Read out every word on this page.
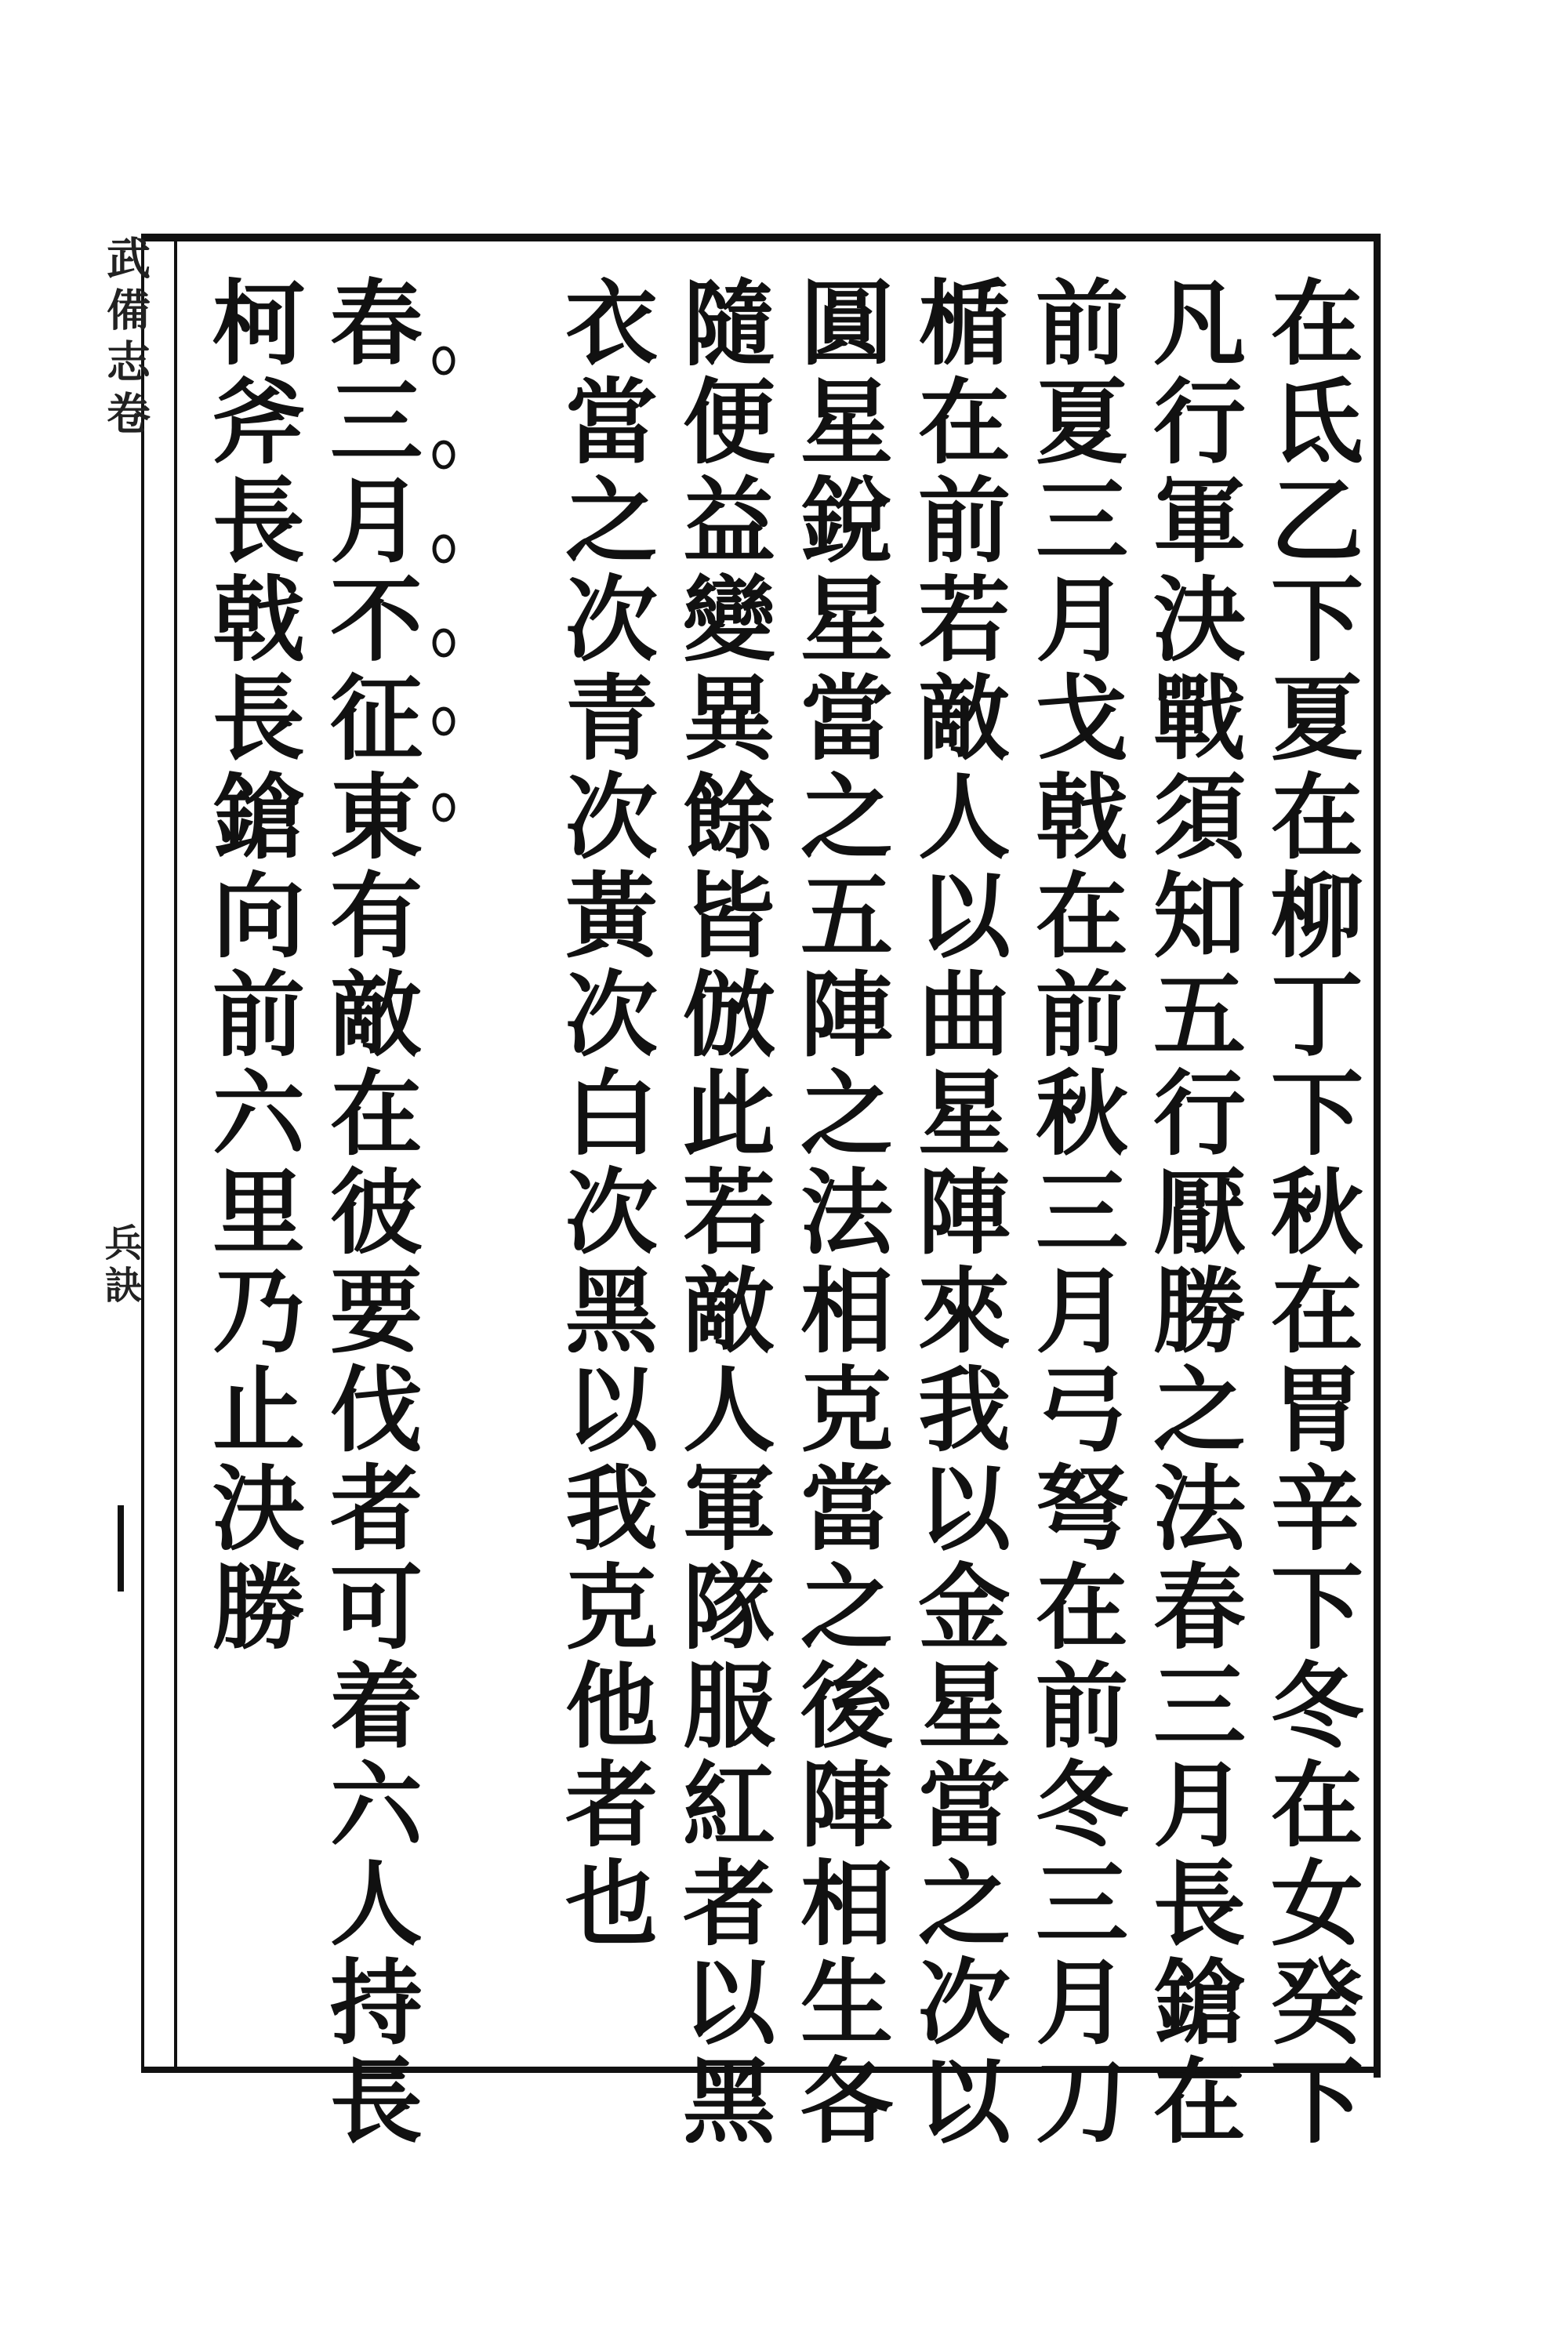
武備志卷
兵訣	在氐乙下夏在柳丁下秋在胃辛下冬在女癸下
凡行軍決戰須知五行厭勝之法春三月長鎗在
前夏三月戈戟在前秋三月弓弩在前冬三月刀
楯在前若敵人以曲星陣來我以金星當之次以
圓星銳星當之五陣之法相克當之後陣相生各
隨便益變異餘皆倣此若敵人軍隊服紅者以黑
衣當之次青次黃次白次黑以我克他者也
春三月不征東有敵在彼要伐者可着六人持長
柯斧長戟長鎗向前六里乃止決勝
